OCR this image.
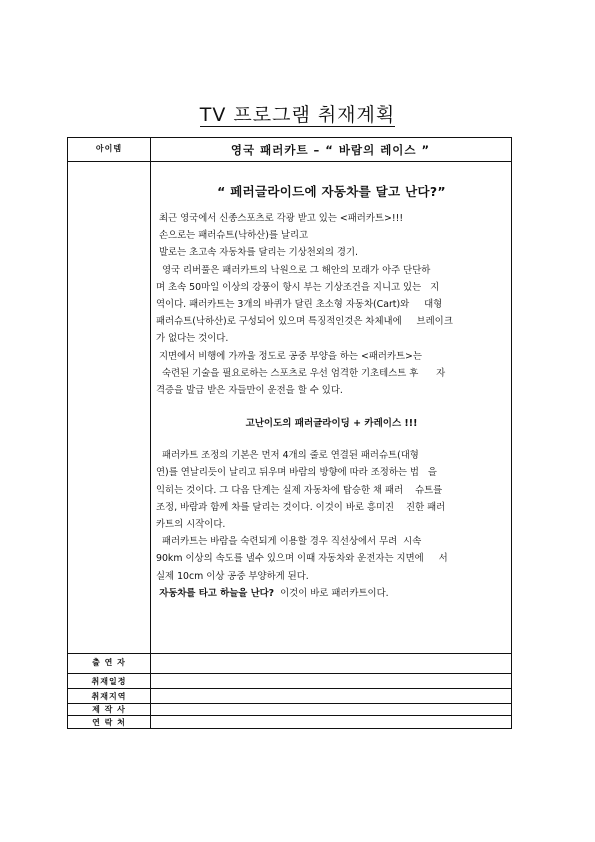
TV 프로그램 취재계획
아이템	영국 패러카트 – “ 바람의 레이스 ”

“ 페러글라이드에 자동차를 달고 난다?”

최근 영국에서 신종스포츠로 각광 받고 있는 <패러카트>!!!

손으로는 패러슈트(낙하산)를 날리고

발로는 초고속 자동차를 달리는 기상천외의 경기.

영국 리버풀은 패러카트의 낙원으로 그 해안의 모래가 아주 단단하

며 초속 50마일 이상의 강풍이 항시 부는 기상조건을 지니고 있는   지

역이다. 패러카트는 3개의 바퀴가 달린 초소형 자동차(Cart)와     대형

패러슈트(낙하산)로 구성되어 있으며 특징적인것은 차체내에     브레이크

가 없다는 것이다.

지면에서 비행에 가까울 정도로 공중 부양을 하는 <패러카트>는

숙련된 기술을 필요로하는 스포츠로 우선 엄격한 기초테스트 후      자

격증을 발급 받은 자들만이 운전을 할 수 있다.

고난이도의 패러글라이딩 + 카레이스 !!!

패러카트 조정의 기본은 먼저 4개의 줄로 연결된 패러슈트(대형

연)를 연날리듯이 날리고 뒤우며 바람의 방향에 따라 조정하는 법   을

익히는 것이다. 그 다음 단계는 실제 자동차에 탑승한 채 패러    슈트를

조정, 바람과 함께 차를 달리는 것이다. 이것이 바로 흥미진    진한 패러

카트의 시작이다.

패러카트는 바람을 숙련되게 이용할 경우 직선상에서 무려  시속

90km 이상의 속도를 낼수 있으며 이때 자동차와 운전자는 지면에     서

실제 10cm 이상 공중 부양하게 된다.

자동차를 타고 하늘을 난다?  이것이 바로 패러카트이다.

출 연 자
취재일정
취재지역
제 작 사
연 락 처
